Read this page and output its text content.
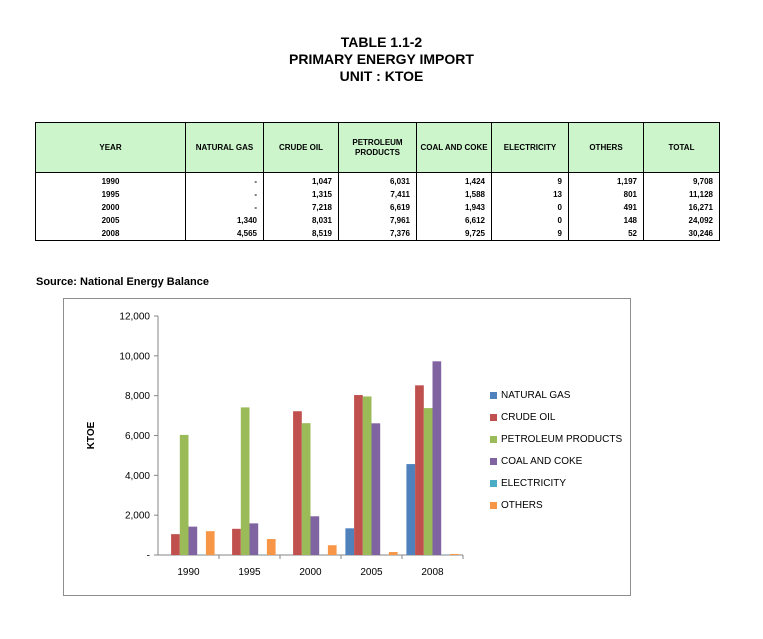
TABLE 1.1-2
PRIMARY ENERGY IMPORT
UNIT : KTOE
YEAR	NATURAL GAS	CRUDE OIL	PETROLEUM PRODUCTS	COAL AND COKE	ELECTRICITY	OTHERS	TOTAL
1990	-	1,047	6,031	1,424	9	1,197	9,708
1995	-	1,315	7,411	1,588	13	801	11,128
2000	-	7,218	6,619	1,943	0	491	16,271
2005	1,340	8,031	7,961	6,612	0	148	24,092
2008	4,565	8,519	7,376	9,725	9	52	30,246
Source: National Energy Balance
-
2,000
4,000
6,000
8,000
10,000
12,000
KTOE
1990	1995	2000	2005	2008
NATURAL GAS
CRUDE OIL
PETROLEUM PRODUCTS
COAL AND COKE
ELECTRICITY
OTHERS
